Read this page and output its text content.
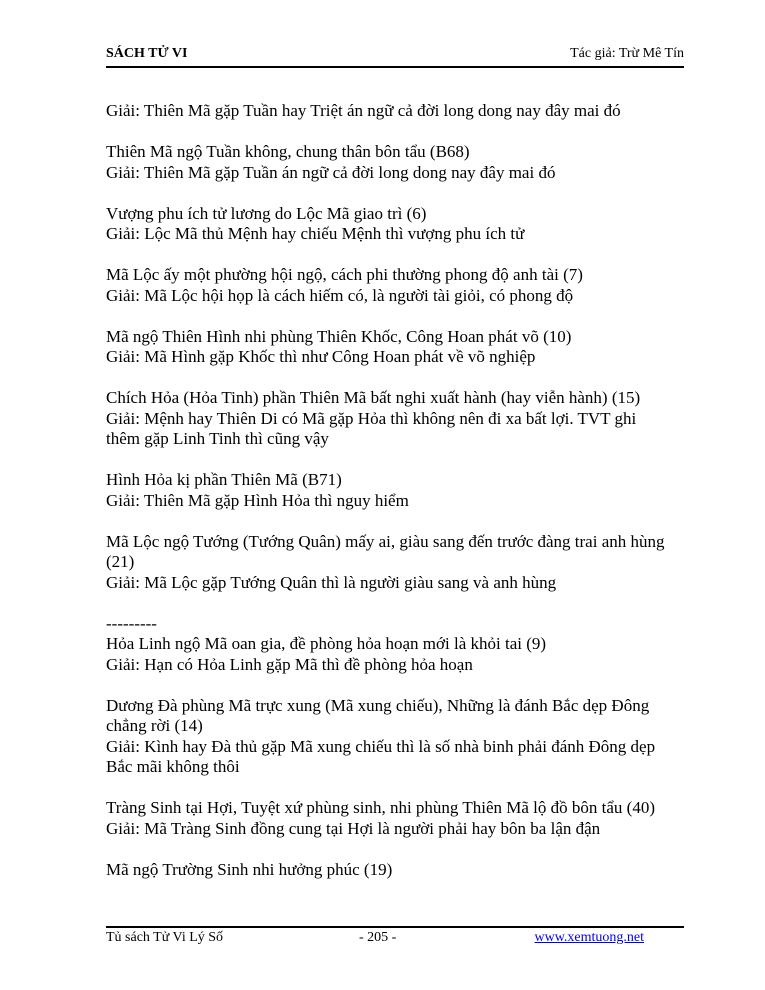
SÁCH TỬ VI	Tác giả: Trừ Mê Tín
Giải: Thiên Mã gặp Tuần hay Triệt án ngữ cả đời long dong nay đây mai đó
Thiên Mã ngộ Tuần không, chung thân bôn tẩu (B68)
Giải: Thiên Mã gặp Tuần án ngữ cả đời long dong nay đây mai đó
Vượng phu ích tử lương do Lộc Mã giao trì (6)
Giải: Lộc Mã thủ Mệnh hay chiếu Mệnh thì vượng phu ích tử
Mã Lộc ấy một phường hội ngộ, cách phi thường phong độ anh tài (7)
Giải: Mã Lộc hội họp là cách hiếm có, là người tài giỏi, có phong độ
Mã ngộ Thiên Hình nhi phùng Thiên Khốc, Công Hoan phát võ (10)
Giải: Mã Hình gặp Khốc thì như Công Hoan phát về võ nghiệp
Chích Hỏa (Hỏa Tinh) phần Thiên Mã bất nghi xuất hành (hay viễn hành) (15)
Giải: Mệnh hay Thiên Di có Mã gặp Hỏa thì không nên đi xa bất lợi. TVT ghi
thêm gặp Linh Tinh thì cũng vậy
Hình Hỏa kị phần Thiên Mã (B71)
Giải: Thiên Mã gặp Hình Hỏa thì nguy hiểm
Mã Lộc ngộ Tướng (Tướng Quân) mấy ai, giàu sang đến trước đàng trai anh hùng
(21)
Giải: Mã Lộc gặp Tướng Quân thì là người giàu sang và anh hùng
---------
Hỏa Linh ngộ Mã oan gia, đề phòng hỏa hoạn mới là khỏi tai (9)
Giải: Hạn có Hỏa Linh gặp Mã thì đề phòng hỏa hoạn
Dương Đà phùng Mã trực xung (Mã xung chiếu), Những là đánh Bắc dẹp Đông
chẳng rời (14)
Giải: Kình hay Đà thủ gặp Mã xung chiếu thì là số nhà binh phải đánh Đông dẹp
Bắc mãi không thôi
Tràng Sinh tại Hợi, Tuyệt xứ phùng sinh, nhi phùng Thiên Mã lộ đồ bôn tẩu (40)
Giải: Mã Tràng Sinh đồng cung tại Hợi là người phải hay bôn ba lận đận
Mã ngộ Trường Sinh nhi hưởng phúc (19)
Tủ sách Tử Vi Lý Số	- 205 -	www.xemtuong.net
